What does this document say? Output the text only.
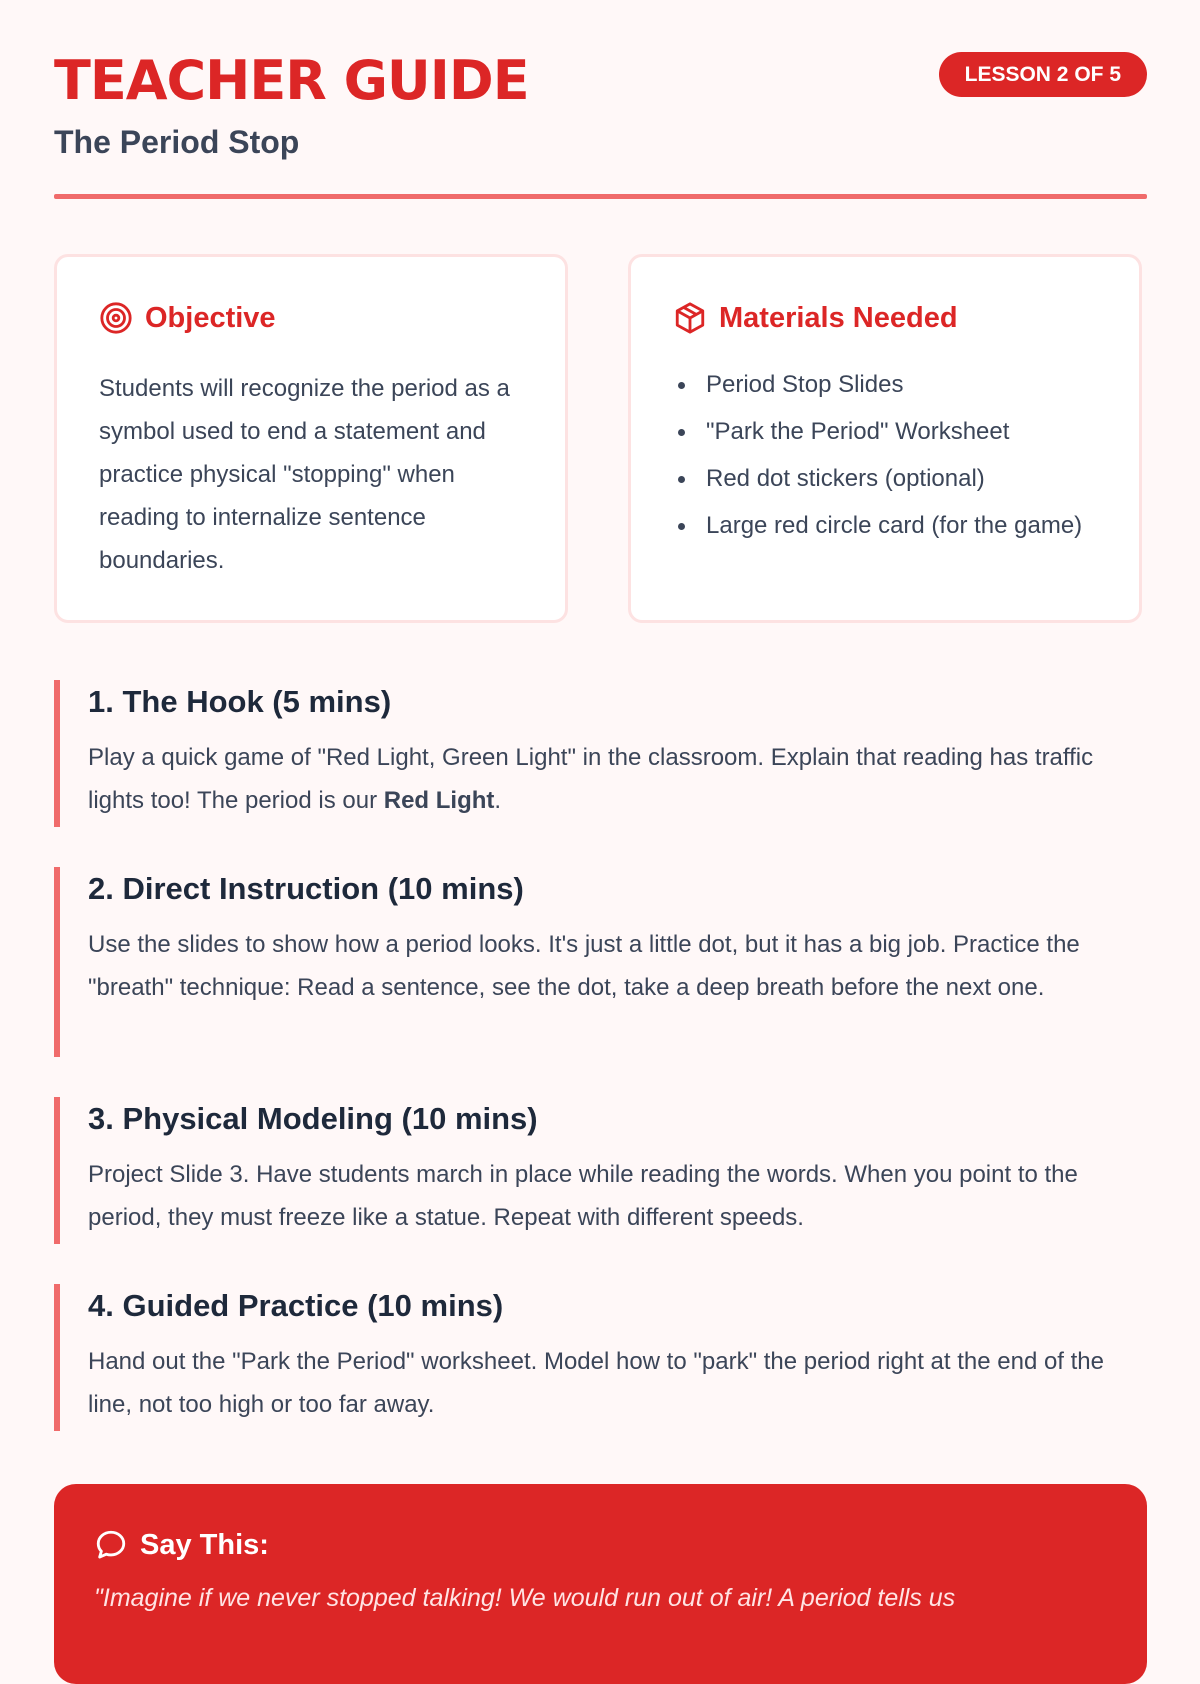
TEACHER GUIDE
The Period Stop
LESSON 2 OF 5
Objective

Students will recognize the period as a symbol used to end a statement and practice physical "stopping" when reading to internalize sentence boundaries.

Materials Needed
Period Stop Slides
"Park the Period" Worksheet
Red dot stickers (optional)
Large red circle card (for the game)
1. The Hook (5 mins)

Play a quick game of "Red Light, Green Light" in the classroom. Explain that reading has traffic lights too! The period is our Red Light.

2. Direct Instruction (10 mins)

Use the slides to show how a period looks. It's just a little dot, but it has a big job. Practice the "breath" technique: Read a sentence, see the dot, take a deep breath before the next one.

3. Physical Modeling (10 mins)

Project Slide 3. Have students march in place while reading the words. When you point to the period, they must freeze like a statue. Repeat with different speeds.

4. Guided Practice (10 mins)

Hand out the "Park the Period" worksheet. Model how to "park" the period right at the end of the line, not too high or too far away.

Say This:
"Imagine if we never stopped talking! We would run out of air! A period tells us
